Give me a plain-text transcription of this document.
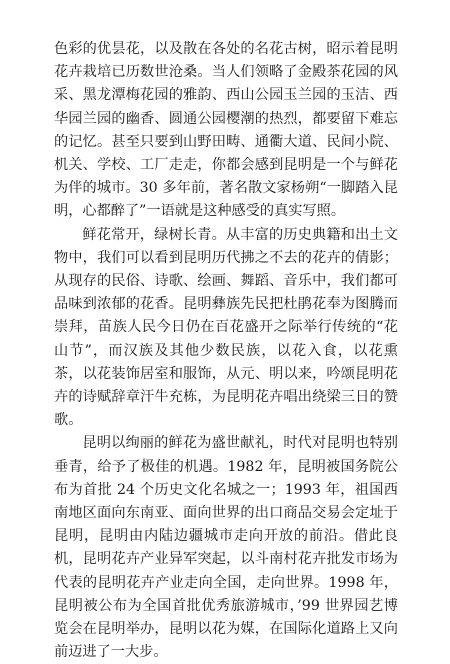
色彩的优昙花，以及散在各处的名花古树，昭示着昆明花卉栽培已历数世沧桑。当人们领略了金殿茶花园的风采、黑龙潭梅花园的雅韵、西山公园玉兰园的玉洁、西华园兰园的幽香、圆通公园樱潮的热烈，都要留下难忘的记忆。甚至只要到山野田畴、通衢大道、民间小院、机关、学校、工厂走走，你都会感到昆明是一个与鲜花为伴的城市。30 多年前，著名散文家杨朔“一脚踏入昆明，心都醉了”一语就是这种感受的真实写照。

鲜花常开，绿树长青。从丰富的历史典籍和出土文物中，我们可以看到昆明历代拂之不去的花卉的倩影；从现存的民俗、诗歌、绘画、舞蹈、音乐中，我们都可品味到浓郁的花香。昆明彝族先民把杜鹃花奉为图腾而崇拜，苗族人民今日仍在百花盛开之际举行传统的“花山节”，而汉族及其他少数民族，以花入食，以花熏茶，以花装饰居室和服饰，从元、明以来，吟颂昆明花卉的诗赋辞章汗牛充栋，为昆明花卉唱出绕梁三日的赞歌。

昆明以绚丽的鲜花为盛世献礼，时代对昆明也特别垂青，给予了极佳的机遇。1982 年，昆明被国务院公布为首批 24 个历史文化名城之一；1993 年，祖国西南地区面向东南亚、面向世界的出口商品交易会定址于昆明，昆明由内陆边疆城市走向开放的前沿。借此良机，昆明花卉产业异军突起，以斗南村花卉批发市场为代表的昆明花卉产业走向全国，走向世界。1998 年，昆明被公布为全国首批优秀旅游城市，’99 世界园艺博览会在昆明举办，昆明以花为媒，在国际化道路上又向前迈进了一大步。
